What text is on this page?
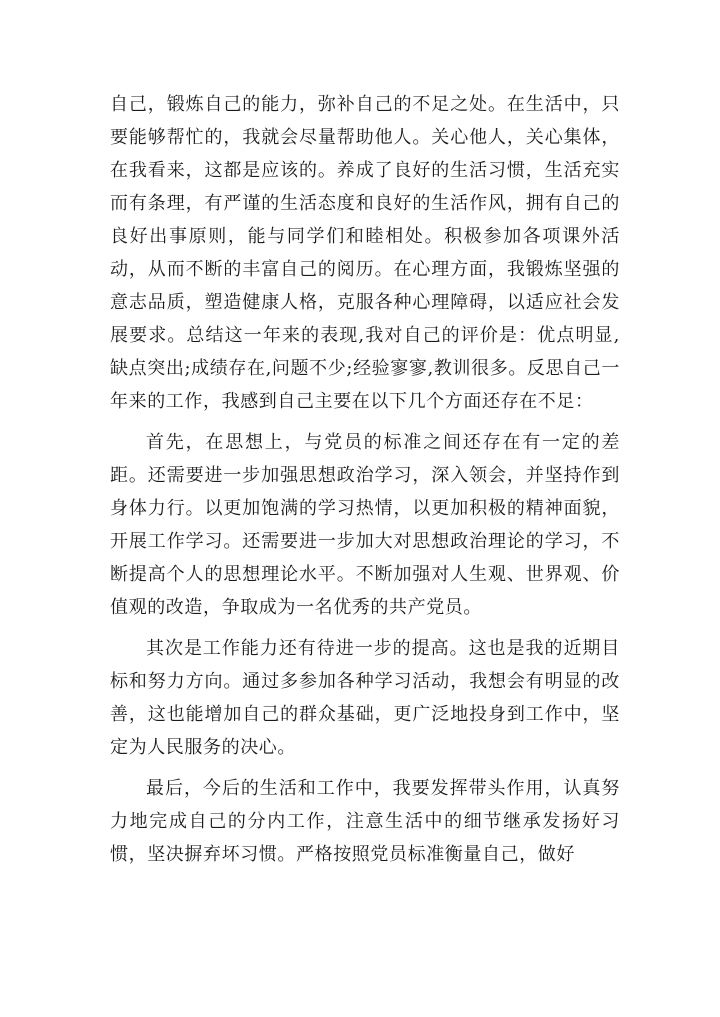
自己，锻炼自己的能力，弥补自己的不足之处。在生活中，只要能够帮忙的，我就会尽量帮助他人。关心他人，关心集体，在我看来，这都是应该的。养成了良好的生活习惯，生活充实而有条理，有严谨的生活态度和良好的生活作风，拥有自己的良好出事原则，能与同学们和睦相处。积极参加各项课外活动，从而不断的丰富自己的阅历。在心理方面，我锻炼坚强的意志品质，塑造健康人格，克服各种心理障碍，以适应社会发展要求。总结这一年来的表现,我对自己的评价是：优点明显,缺点突出;成绩存在,问题不少;经验寥寥,教训很多。反思自己一年来的工作，我感到自己主要在以下几个方面还存在不足：

首先，在思想上，与党员的标准之间还存在有一定的差距。还需要进一步加强思想政治学习，深入领会，并坚持作到身体力行。以更加饱满的学习热情，以更加积极的精神面貌，开展工作学习。还需要进一步加大对思想政治理论的学习，不断提高个人的思想理论水平。不断加强对人生观、世界观、价值观的改造，争取成为一名优秀的共产党员。

其次是工作能力还有待进一步的提高。这也是我的近期目标和努力方向。通过多参加各种学习活动，我想会有明显的改善，这也能增加自己的群众基础，更广泛地投身到工作中，坚定为人民服务的决心。

最后，今后的生活和工作中，我要发挥带头作用，认真努力地完成自己的分内工作，注意生活中的细节继承发扬好习惯，坚决摒弃坏习惯。严格按照党员标准衡量自己，做好
